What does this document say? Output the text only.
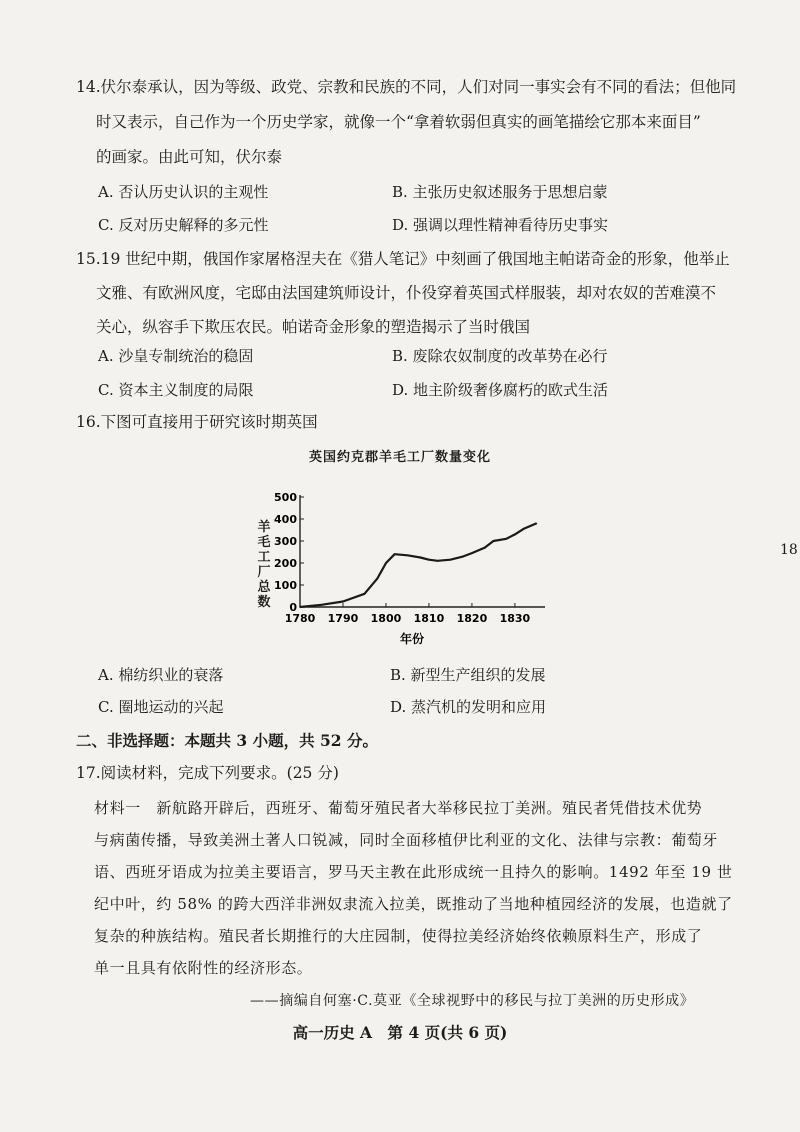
14.伏尔泰承认，因为等级、政党、宗教和民族的不同，人们对同一事实会有不同的看法；但他同
时又表示，自己作为一个历史学家，就像一个“拿着软弱但真实的画笔描绘它那本来面目”
的画家。由此可知，伏尔泰
A. 否认历史认识的主观性	B. 主张历史叙述服务于思想启蒙
C. 反对历史解释的多元性	D. 强调以理性精神看待历史事实
15.19 世纪中期，俄国作家屠格涅夫在《猎人笔记》中刻画了俄国地主帕诺奇金的形象，他举止
文雅、有欧洲风度，宅邸由法国建筑师设计，仆役穿着英国式样服装，却对农奴的苦难漠不
关心，纵容手下欺压农民。帕诺奇金形象的塑造揭示了当时俄国
A. 沙皇专制统治的稳固	B. 废除农奴制度的改革势在必行
C. 资本主义制度的局限	D. 地主阶级奢侈腐朽的欧式生活
16.下图可直接用于研究该时期英国
英国约克郡羊毛工厂数量变化
羊毛工厂总数 0
100
200
300
400
500
1780 1790 1800 1810 1820 1830
年份
A. 棉纺织业的衰落	B. 新型生产组织的发展
C. 圈地运动的兴起	D. 蒸汽机的发明和应用
二、非选择题：本题共 3 小题，共 52 分。
17.阅读材料，完成下列要求。(25 分)
材料一　新航路开辟后，西班牙、葡萄牙殖民者大举移民拉丁美洲。殖民者凭借技术优势
与病菌传播，导致美洲土著人口锐减，同时全面移植伊比利亚的文化、法律与宗教：葡萄牙
语、西班牙语成为拉美主要语言，罗马天主教在此形成统一且持久的影响。1492 年至 19 世
纪中叶，约 58% 的跨大西洋非洲奴隶流入拉美，既推动了当地种植园经济的发展，也造就了
复杂的种族结构。殖民者长期推行的大庄园制，使得拉美经济始终依赖原料生产，形成了
单一且具有依附性的经济形态。
——摘编自何塞·C.莫亚《全球视野中的移民与拉丁美洲的历史形成》
高一历史 A　第 4 页(共 6 页)
18
